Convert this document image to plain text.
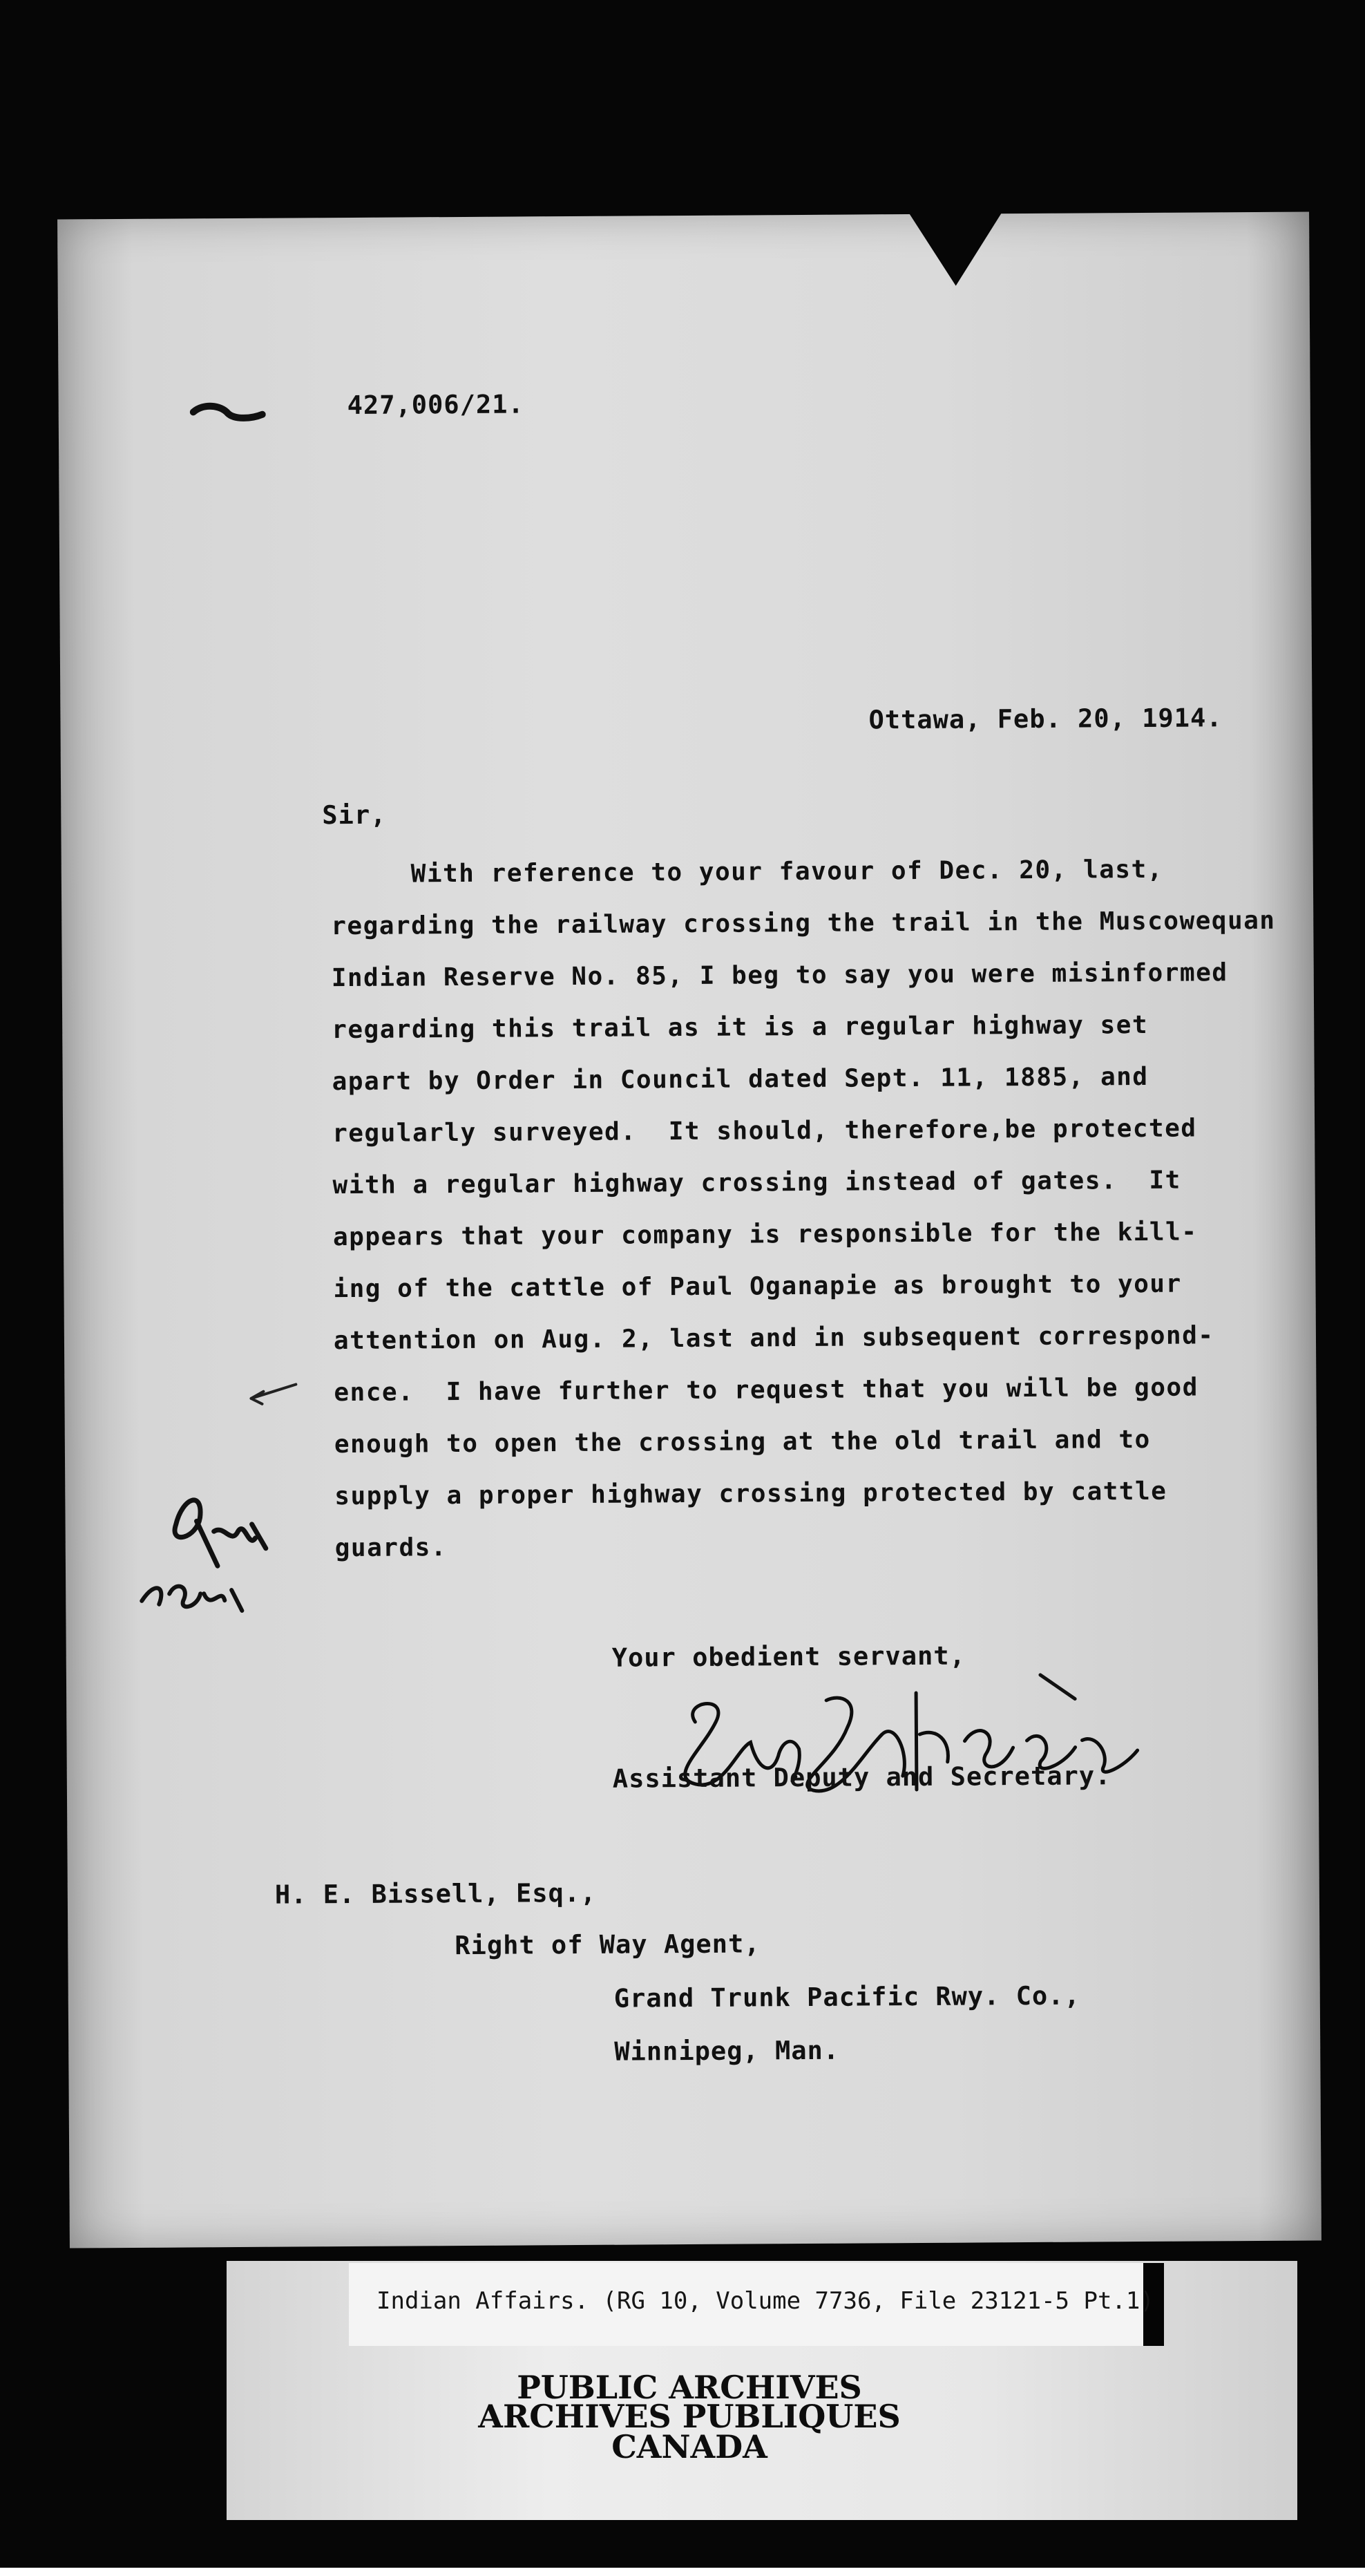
427,006/21.
Ottawa, Feb. 20, 1914.
Sir,
With reference to your favour of Dec. 20, last,
regarding the railway crossing the trail in the Muscowequan
Indian Reserve No. 85, I beg to say you were misinformed
regarding this trail as it is a regular highway set
apart by Order in Council dated Sept. 11, 1885, and
regularly surveyed.  It should, therefore,be protected
with a regular highway crossing instead of gates.  It
appears that your company is responsible for the kill-
ing of the cattle of Paul Oganapie as brought to your
attention on Aug. 2, last and in subsequent correspond-
ence.  I have further to request that you will be good
enough to open the crossing at the old trail and to
supply a proper highway crossing protected by cattle
guards.
Your obedient servant,
Assistant Deputy and Secretary.
H. E. Bissell, Esq.,
Right of Way Agent,
Grand Trunk Pacific Rwy. Co.,
Winnipeg, Man.
Indian Affairs. (RG 10, Volume 7736, File 23121-5 Pt.1)
PUBLIC ARCHIVES
ARCHIVES PUBLIQUES
CANADA
